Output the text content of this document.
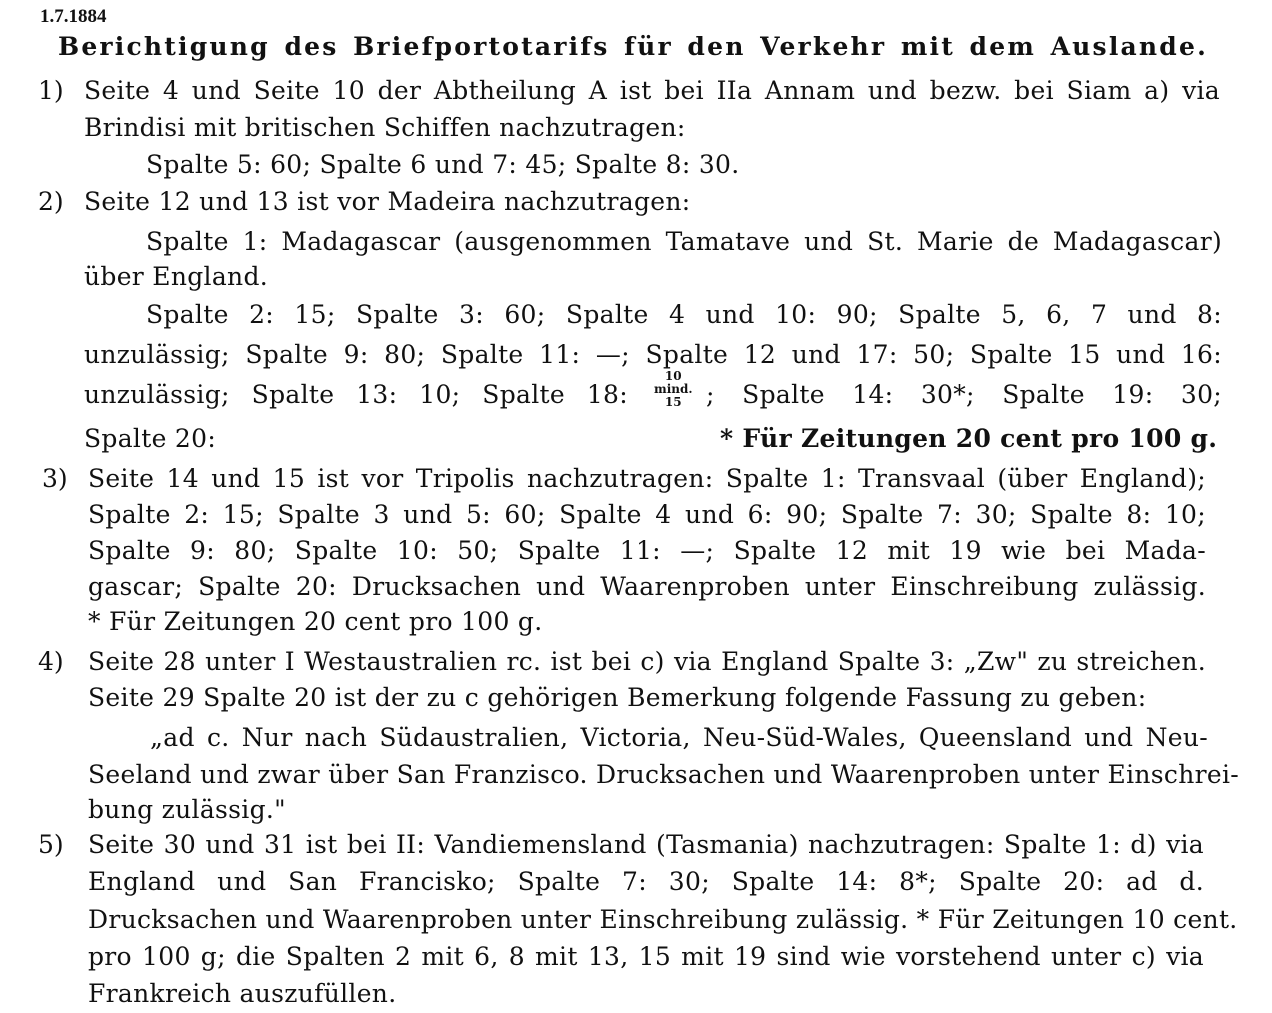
1.7.1884
Berichtigung des Briefportotarifs für den Verkehr mit dem Auslande.
1) Seite 4 und Seite 10 der Abtheilung A ist bei IIa Annam und bezw. bei Siam a) via
Brindisi mit britischen Schiffen nachzutragen:
Spalte 5: 60; Spalte 6 und 7: 45; Spalte 8: 30.
2) Seite 12 und 13 ist vor Madeira nachzutragen:
Spalte 1: Madagascar (ausgenommen Tamatave und St. Marie de Madagascar)
über England.
Spalte 2: 15; Spalte 3: 60; Spalte 4 und 10: 90; Spalte 5, 6, 7 und 8:
unzulässig; Spalte 9: 80; Spalte 11: —; Spalte 12 und 17: 50; Spalte 15 und 16:
unzulässig; Spalte 13: 10; Spalte 18:
10
mind.
15 ; Spalte 14: 30*; Spalte 19: 30;
Spalte 20:	* Für Zeitungen 20 cent pro 100 g.
3) Seite 14 und 15 ist vor Tripolis nachzutragen: Spalte 1: Transvaal (über England);
Spalte 2: 15; Spalte 3 und 5: 60; Spalte 4 und 6: 90; Spalte 7: 30; Spalte 8: 10;
Spalte 9: 80; Spalte 10: 50; Spalte 11: —; Spalte 12 mit 19 wie bei Mada-
gascar; Spalte 20: Drucksachen und Waarenproben unter Einschreibung zulässig.
* Für Zeitungen 20 cent pro 100 g.
4) Seite 28 unter I Westaustralien rc. ist bei c) via England Spalte 3: „Zw" zu streichen.
Seite 29 Spalte 20 ist der zu c gehörigen Bemerkung folgende Fassung zu geben:
„ad c. Nur nach Südaustralien, Victoria, Neu-Süd-Wales, Queensland und Neu-
Seeland und zwar über San Franzisco. Drucksachen und Waarenproben unter Einschrei-
bung zulässig."
5) Seite 30 und 31 ist bei II: Vandiemensland (Tasmania) nachzutragen: Spalte 1: d) via
England und San Francisko; Spalte 7: 30; Spalte 14: 8*; Spalte 20: ad d.
Drucksachen und Waarenproben unter Einschreibung zulässig. * Für Zeitungen 10 cent.
pro 100 g; die Spalten 2 mit 6, 8 mit 13, 15 mit 19 sind wie vorstehend unter c) via
Frankreich auszufüllen.
